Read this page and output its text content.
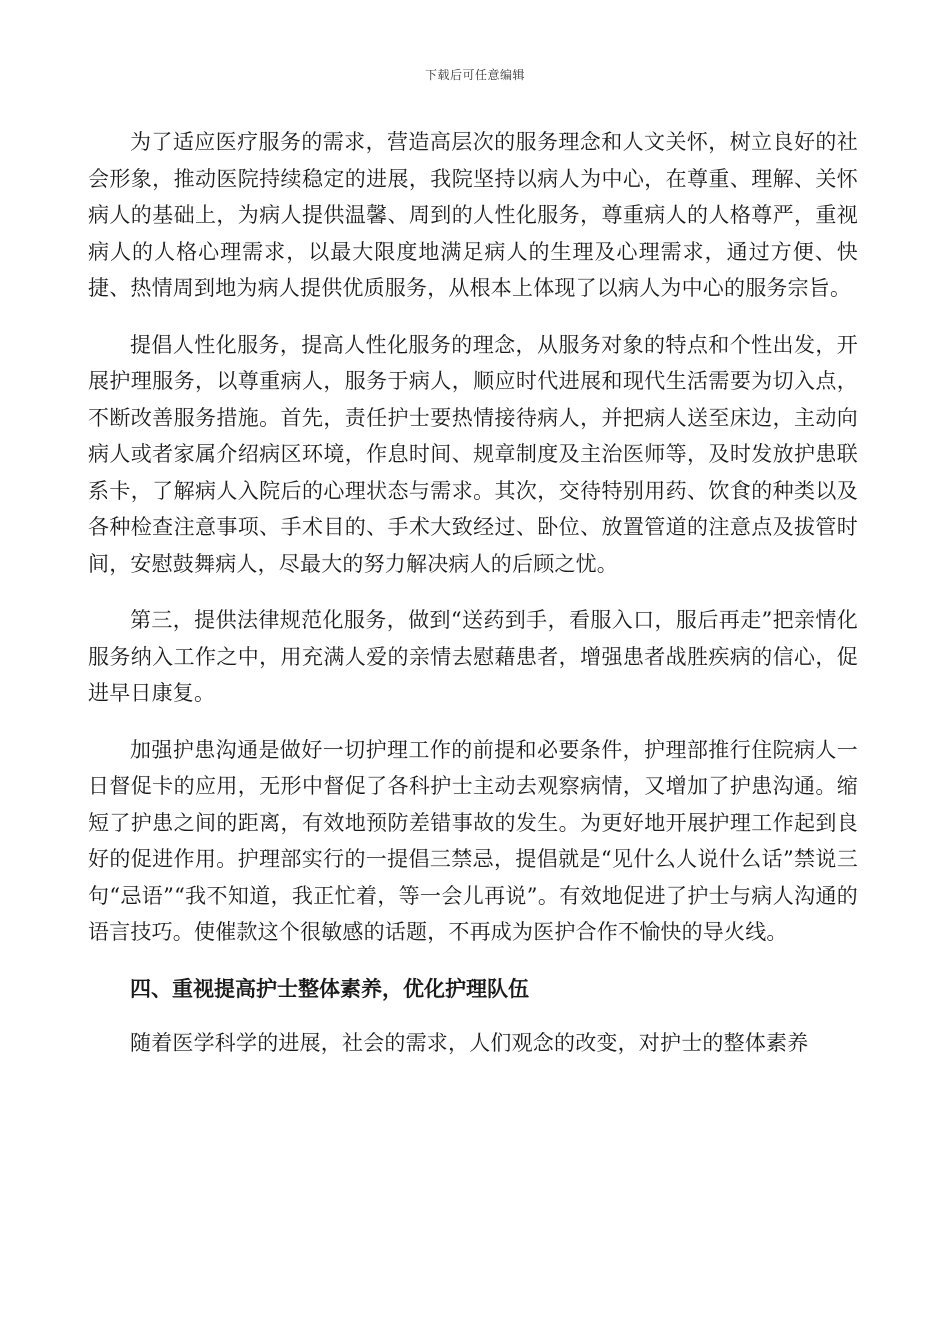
下载后可任意编辑

为了适应医疗服务的需求，营造高层次的服务理念和人文关怀，树立良好的社会形象，推动医院持续稳定的进展，我院坚持以病人为中心，在尊重、理解、关怀病人的基础上，为病人提供温馨、周到的人性化服务，尊重病人的人格尊严，重视病人的人格心理需求，以最大限度地满足病人的生理及心理需求，通过方便、快捷、热情周到地为病人提供优质服务，从根本上体现了以病人为中心的服务宗旨。

提倡人性化服务，提高人性化服务的理念，从服务对象的特点和个性出发，开展护理服务，以尊重病人，服务于病人，顺应时代进展和现代生活需要为切入点，不断改善服务措施。首先，责任护士要热情接待病人，并把病人送至床边，主动向病人或者家属介绍病区环境，作息时间、规章制度及主治医师等，及时发放护患联系卡，了解病人入院后的心理状态与需求。其次，交待特别用药、饮食的种类以及各种检查注意事项、手术目的、手术大致经过、卧位、放置管道的注意点及拔管时间，安慰鼓舞病人，尽最大的努力解决病人的后顾之忧。

第三，提供法律规范化服务，做到“送药到手，看服入口，服后再走”把亲情化服务纳入工作之中，用充满人爱的亲情去慰藉患者，增强患者战胜疾病的信心，促进早日康复。

加强护患沟通是做好一切护理工作的前提和必要条件，护理部推行住院病人一日督促卡的应用，无形中督促了各科护士主动去观察病情，又增加了护患沟通。缩短了护患之间的距离，有效地预防差错事故的发生。为更好地开展护理工作起到良好的促进作用。护理部实行的一提倡三禁忌，提倡就是“见什么人说什么话”禁说三句“忌语”“我不知道，我正忙着，等一会儿再说”。有效地促进了护士与病人沟通的语言技巧。使催款这个很敏感的话题，不再成为医护合作不愉快的导火线。

四、重视提高护士整体素养，优化护理队伍

随着医学科学的进展，社会的需求，人们观念的改变，对护士的整体素养
